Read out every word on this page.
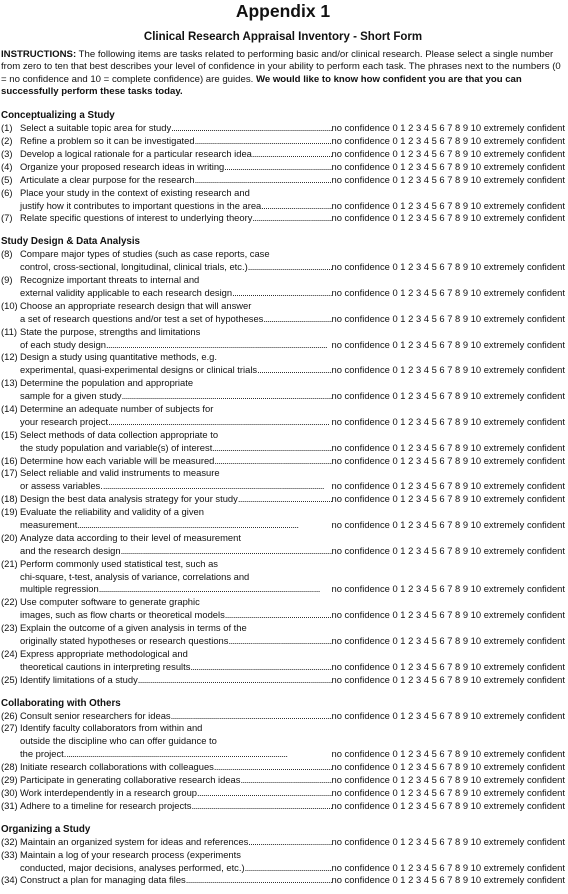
Appendix 1
Clinical Research Appraisal Inventory - Short Form
INSTRUCTIONS: The following items are tasks related to performing basic and/or clinical research. Please select a single number from zero to ten that best describes your level of confidence in your ability to perform each task. The phrases next to the numbers (0 = no confidence and 10 = complete confidence) are guides. We would like to know how confident you are that you can successfully perform these tasks today.
Conceptualizing a Study
(1) Select a suitable topic area for study . . .	no confidence 0 1 2 3 4 5 6 7 8 9 10 extremely confident
(2) Refine a problem so it can be investigated . . .	no confidence 0 1 2 3 4 5 6 7 8 9 10 extremely confident
(3) Develop a logical rationale for a particular research idea . . .	no confidence 0 1 2 3 4 5 6 7 8 9 10 extremely confident
(4) Organize your proposed research ideas in writing . . .	no confidence 0 1 2 3 4 5 6 7 8 9 10 extremely confident
(5) Articulate a clear purpose for the research . . .	no confidence 0 1 2 3 4 5 6 7 8 9 10 extremely confident
(6) Place your study in the context of existing research and
justify how it contributes to important questions in the area . . .	no confidence 0 1 2 3 4 5 6 7 8 9 10 extremely confident
(7) Relate specific questions of interest to underlying theory . . .	no confidence 0 1 2 3 4 5 6 7 8 9 10 extremely confident
Study Design & Data Analysis
(8) Compare major types of studies (such as case reports, case
control, cross-sectional, longitudinal, clinical trials, etc.) . . .	no confidence 0 1 2 3 4 5 6 7 8 9 10 extremely confident
(9) Recognize important threats to internal and
external validity applicable to each research design . . .	no confidence 0 1 2 3 4 5 6 7 8 9 10 extremely confident
(10) Choose an appropriate research design that will answer
a set of research questions and/or test a set of hypotheses . . .	no confidence 0 1 2 3 4 5 6 7 8 9 10 extremely confident
(11) State the purpose, strengths and limitations
of each study design . . .	no confidence 0 1 2 3 4 5 6 7 8 9 10 extremely confident
(12) Design a study using quantitative methods, e.g.
experimental, quasi-experimental designs or clinical trials . . .	no confidence 0 1 2 3 4 5 6 7 8 9 10 extremely confident
(13) Determine the population and appropriate
sample for a given study . . .	no confidence 0 1 2 3 4 5 6 7 8 9 10 extremely confident
(14) Determine an adequate number of subjects for
your research project . . .	no confidence 0 1 2 3 4 5 6 7 8 9 10 extremely confident
(15) Select methods of data collection appropriate to
the study population and variable(s) of interest . . .	no confidence 0 1 2 3 4 5 6 7 8 9 10 extremely confident
(16) Determine how each variable will be measured . . .	no confidence 0 1 2 3 4 5 6 7 8 9 10 extremely confident
(17) Select reliable and valid instruments to measure
or assess variables. . . .	no confidence 0 1 2 3 4 5 6 7 8 9 10 extremely confident
(18) Design the best data analysis strategy for your study . . .	no confidence 0 1 2 3 4 5 6 7 8 9 10 extremely confident
(19) Evaluate the reliability and validity of a given
measurement . . .	no confidence 0 1 2 3 4 5 6 7 8 9 10 extremely confident
(20) Analyze data according to their level of measurement
and the research design . . .	no confidence 0 1 2 3 4 5 6 7 8 9 10 extremely confident
(21) Perform commonly used statistical test, such as
chi-square, t-test, analysis of variance, correlations and
multiple regression . . .	no confidence 0 1 2 3 4 5 6 7 8 9 10 extremely confident
(22) Use computer software to generate graphic
images, such as flow charts or theoretical models . . .	no confidence 0 1 2 3 4 5 6 7 8 9 10 extremely confident
(23) Explain the outcome of a given analysis in terms of the
originally stated hypotheses or research questions . . .	no confidence 0 1 2 3 4 5 6 7 8 9 10 extremely confident
(24) Express appropriate methodological and
theoretical cautions in interpreting results . . .	no confidence 0 1 2 3 4 5 6 7 8 9 10 extremely confident
(25) Identify limitations of a study . . .	no confidence 0 1 2 3 4 5 6 7 8 9 10 extremely confident
Collaborating with Others
(26) Consult senior researchers for ideas . . .	no confidence 0 1 2 3 4 5 6 7 8 9 10 extremely confident
(27) Identify faculty collaborators from within and
outside the discipline who can offer guidance to
the project. . . .	no confidence 0 1 2 3 4 5 6 7 8 9 10 extremely confident
(28) Initiate research collaborations with colleagues . . .	no confidence 0 1 2 3 4 5 6 7 8 9 10 extremely confident
(29) Participate in generating collaborative research ideas . . .	no confidence 0 1 2 3 4 5 6 7 8 9 10 extremely confident
(30) Work interdependently in a research group . . .	no confidence 0 1 2 3 4 5 6 7 8 9 10 extremely confident
(31) Adhere to a timeline for research projects . . .	no confidence 0 1 2 3 4 5 6 7 8 9 10 extremely confident
Organizing a Study
(32) Maintain an organized system for ideas and references . . .	no confidence 0 1 2 3 4 5 6 7 8 9 10 extremely confident
(33) Maintain a log of your research process (experiments
conducted, major decisions, analyses performed, etc.) . . .	no confidence 0 1 2 3 4 5 6 7 8 9 10 extremely confident
(34) Construct a plan for managing data files . . .	no confidence 0 1 2 3 4 5 6 7 8 9 10 extremely confident
